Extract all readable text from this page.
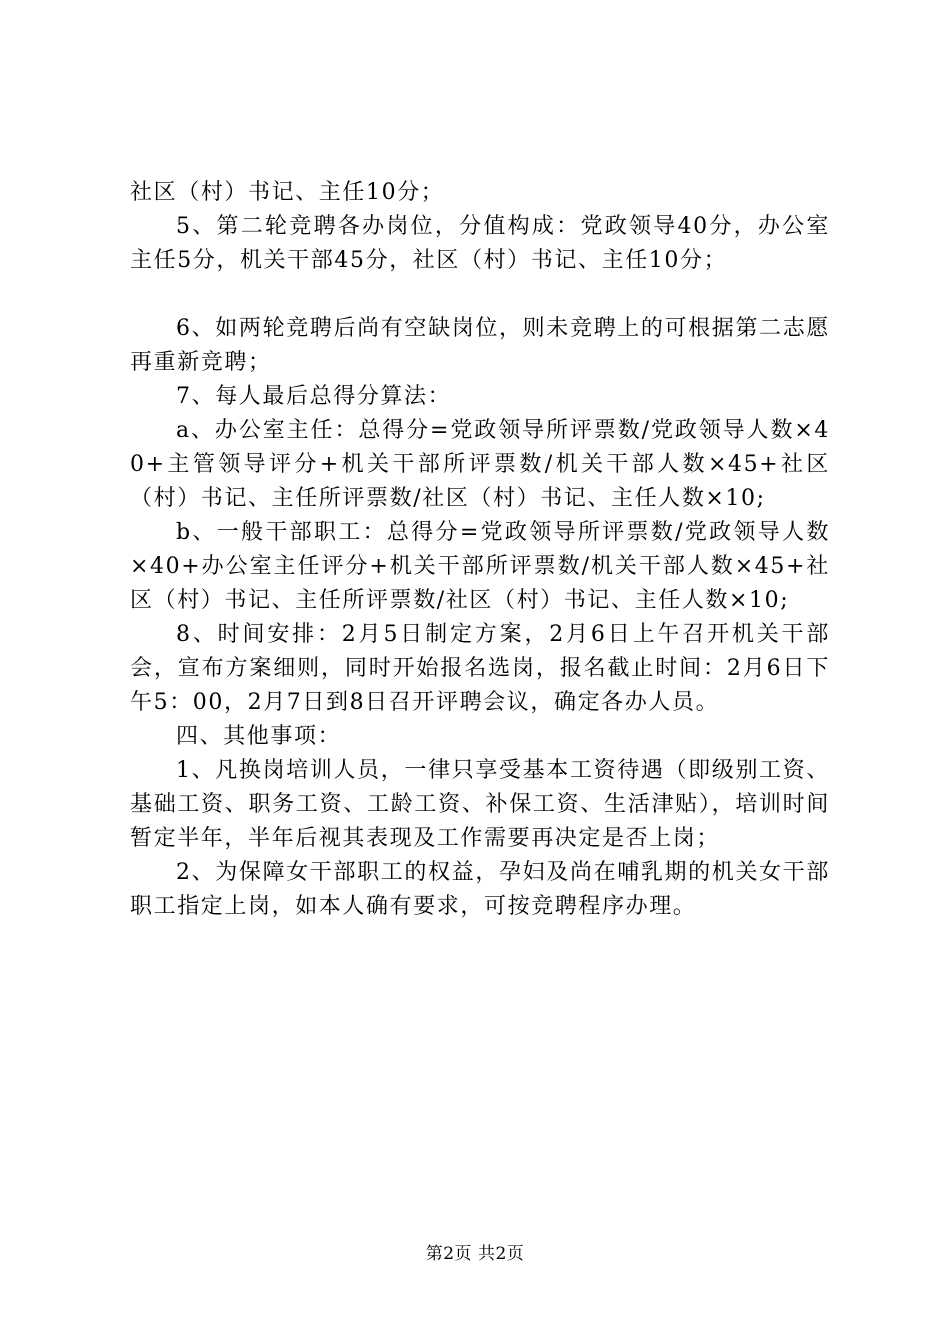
社区（村）书记、主任10分；

5、第二轮竞聘各办岗位，分值构成：党政领导40分，办公室主任5分，机关干部45分，社区（村）书记、主任10分；

6、如两轮竞聘后尚有空缺岗位，则未竞聘上的可根据第二志愿再重新竞聘；

7、每人最后总得分算法：

a、办公室主任：总得分=党政领导所评票数/党政领导人数×40+主管领导评分+机关干部所评票数/机关干部人数×45+社区（村）书记、主任所评票数/社区（村）书记、主任人数×10;

b、一般干部职工：总得分=党政领导所评票数/党政领导人数×40+办公室主任评分+机关干部所评票数/机关干部人数×45+社区（村）书记、主任所评票数/社区（村）书记、主任人数×10;

8、时间安排：2月5日制定方案，2月6日上午召开机关干部会，宣布方案细则，同时开始报名选岗，报名截止时间：2月6日下午5：00，2月7日到8日召开评聘会议，确定各办人员。

四、其他事项：

1、凡换岗培训人员，一律只享受基本工资待遇（即级别工资、基础工资、职务工资、工龄工资、补保工资、生活津贴），培训时间暂定半年，半年后视其表现及工作需要再决定是否上岗；

2、为保障女干部职工的权益，孕妇及尚在哺乳期的机关女干部职工指定上岗，如本人确有要求，可按竞聘程序办理。

第2页 共2页
